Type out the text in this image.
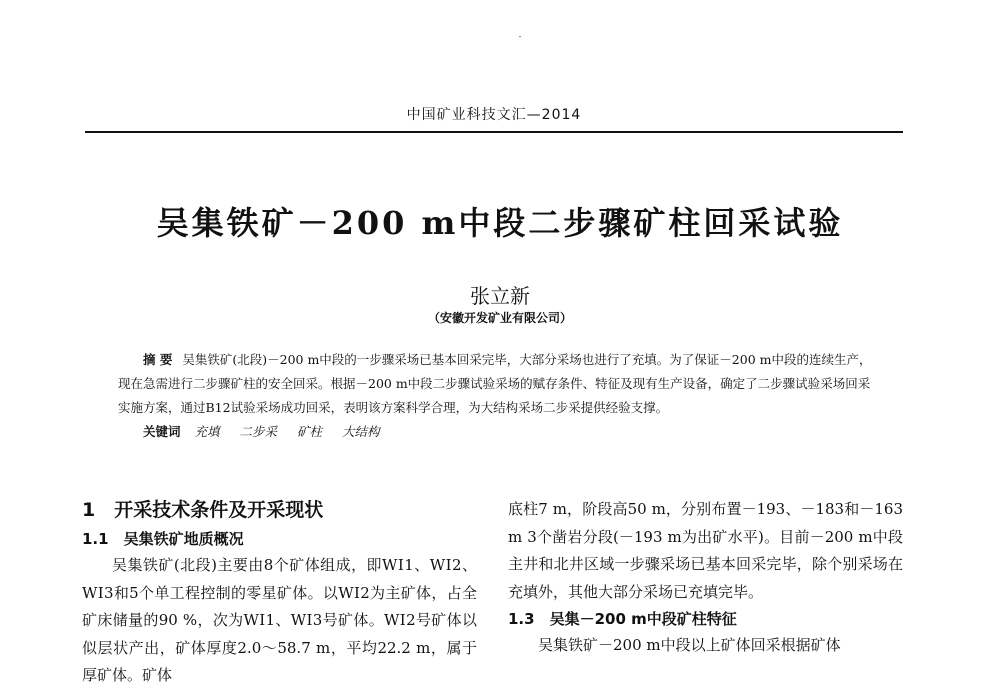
中国矿业科技文汇—2014
吴集铁矿－200 m中段二步骤矿柱回采试验
张立新
（安徽开发矿业有限公司）

摘 要 吴集铁矿(北段)－200 m中段的一步骤采场已基本回采完毕，大部分采场也进行了充填。为了保证－200 m中段的连续生产，现在急需进行二步骤矿柱的安全回采。根据－200 m中段二步骤试验采场的赋存条件、特征及现有生产设备，确定了二步骤试验采场回采实施方案，通过B12试验采场成功回采，表明该方案科学合理，为大结构采场二步采提供经验支撑。

关键词 充填 二步采 矿柱 大结构
1　开采技术条件及开采现状
1.1　吴集铁矿地质概况

吴集铁矿(北段)主要由8个矿体组成，即WⅠ1、WⅠ2、WⅠ3和5个单工程控制的零星矿体。以WⅠ2为主矿体，占全矿床储量的90 %，次为WⅠ1、WⅠ3号矿体。WⅠ2号矿体以似层状产出，矿体厚度2.0～58.7 m，平均22.2 m，属于厚矿体。矿体

底柱7 m，阶段高50 m，分别布置－193、－183和－163 m 3个凿岩分段(－193 m为出矿水平)。目前－200 m中段主井和北井区域一步骤采场已基本回采完毕，除个别采场在充填外，其他大部分采场已充填完毕。

1.3　吴集－200 m中段矿柱特征

吴集铁矿－200 m中段以上矿体回采根据矿体
